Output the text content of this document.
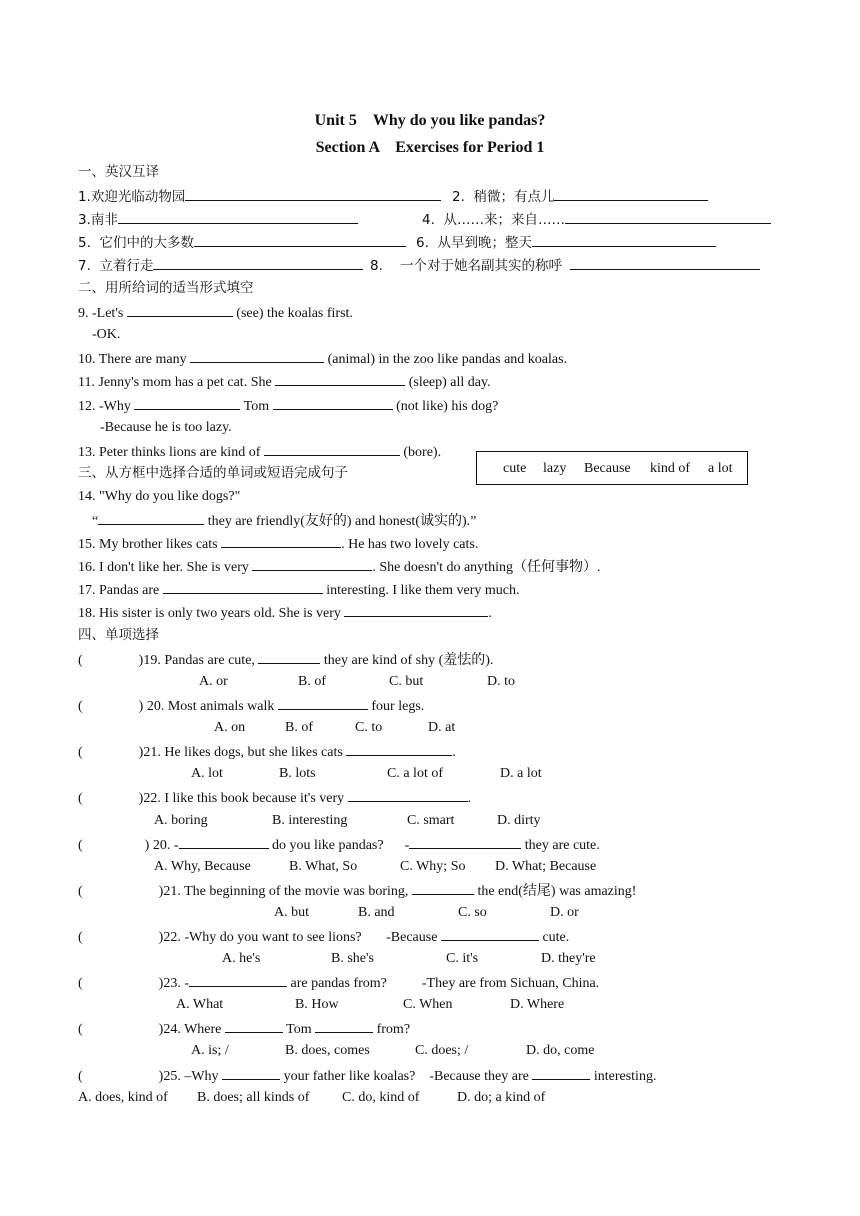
Unit 5　Why do you like pandas?
Section A　Exercises for Period 1
一、英汉互译
1.欢迎光临动物园	2.  稍微；有点儿
3.南非	4.  从……来；来自……
5.  它们中的大多数	6.  从早到晚；整天
7.  立着行走	8.    一个对于她名副其实的称呼
二、用所给词的适当形式填空
9. -Let's	(see) the koalas first.
-OK.
10. There are many	(animal) in the zoo like pandas and koalas.
11. Jenny's mom has a pet cat. She	(sleep) all day.
12. -Why	Tom	(not like) his dog?
-Because he is too lazy.
13. Peter thinks lions are kind of	(bore).
cute lazy Because kind of a lot
三、从方框中选择合适的单词或短语完成句子
14. "Why do you like dogs?"
“	they are friendly(友好的) and honest(诚实的).”
15. My brother likes cats	. He has two lovely cats.
16. I don't like her. She is very	. She doesn't do anything（任何事物）.
17. Pandas are	interesting. I like them very much.
18. His sister is only two years old. She is very	.
四、单项选择
(	)19. Pandas are cute,	they are kind of shy (羞怯的).
A. or	B. of	C. but	D. to
(	) 20. Most animals walk	four legs.
A. on	B. of	C. to	D. at
(	)21. He likes dogs, but she likes cats	.
A. lot	B. lots	C. a lot of	D. a lot
(	)22. I like this book because it's very	.
A. boring	B. interesting	C. smart	D. dirty
(	) 20. -	do you like pandas?      -	they are cute.
A. Why, Because	B. What, So	C. Why; So D. What; Because
(	)21. The beginning of the movie was boring,	the end(结尾) was amazing!
A. but	B. and	C. so	D. or
(	)22. -Why do you want to see lions?       -Because	cute.
A. he's	B. she's	C. it's	D. they're
(	)23. -	are pandas from?          -They are from Sichuan, China.
A. What	B. How	C. When	D. Where
(	)24. Where	Tom	from?
A. is; /	B. does, comes	C. does; /	D. do, come
(	)25. –Why	your father like koalas?    -Because they are	interesting.
A. does, kind of B. does; all kinds of C. do, kind of	D. do; a kind of
